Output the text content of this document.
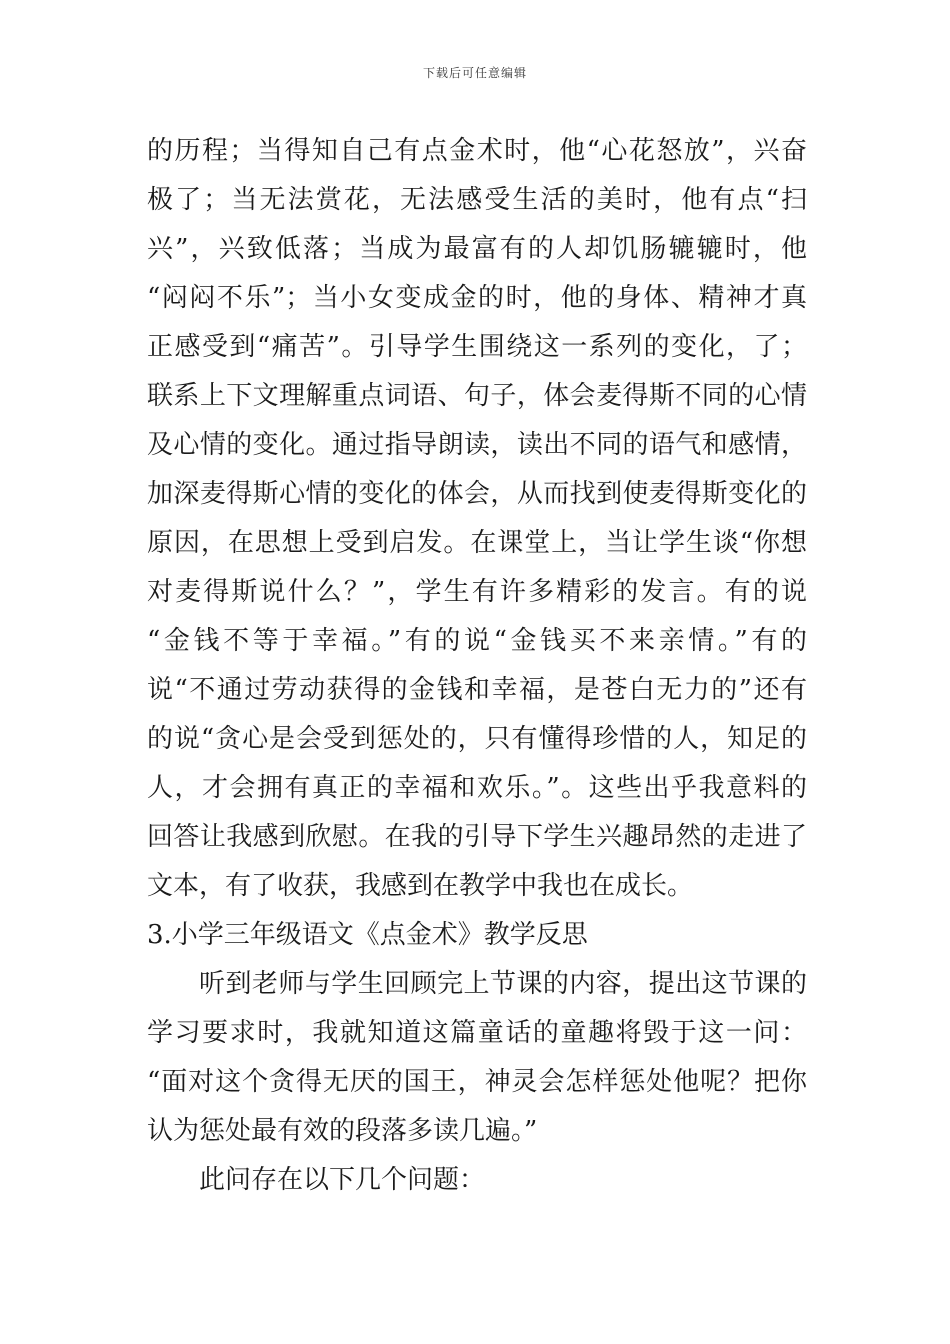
下载后可任意编辑
的历程；当得知自己有点金术时，他“心花怒放”，兴奋
极了；当无法赏花，无法感受生活的美时，他有点“扫
兴”，兴致低落；当成为最富有的人却饥肠辘辘时，他
“闷闷不乐”；当小女变成金的时，他的身体、精神才真
正感受到“痛苦”。引导学生围绕这一系列的变化，了；
联系上下文理解重点词语、句子，体会麦得斯不同的心情
及心情的变化。通过指导朗读，读出不同的语气和感情，
加深麦得斯心情的变化的体会，从而找到使麦得斯变化的
原因，在思想上受到启发。在课堂上，当让学生谈“你想
对麦得斯说什么？”，学生有许多精彩的发言。有的说
“金钱不等于幸福。”有的说“金钱买不来亲情。”有的
说“不通过劳动获得的金钱和幸福，是苍白无力的”还有
的说“贪心是会受到惩处的，只有懂得珍惜的人，知足的
人，才会拥有真正的幸福和欢乐。”。这些出乎我意料的
回答让我感到欣慰。在我的引导下学生兴趣昂然的走进了
文本，有了收获，我感到在教学中我也在成长。
3.小学三年级语文《点金术》教学反思
听到老师与学生回顾完上节课的内容，提出这节课的
学习要求时，我就知道这篇童话的童趣将毁于这一问：
“面对这个贪得无厌的国王，神灵会怎样惩处他呢？把你
认为惩处最有效的段落多读几遍。”
此问存在以下几个问题：
